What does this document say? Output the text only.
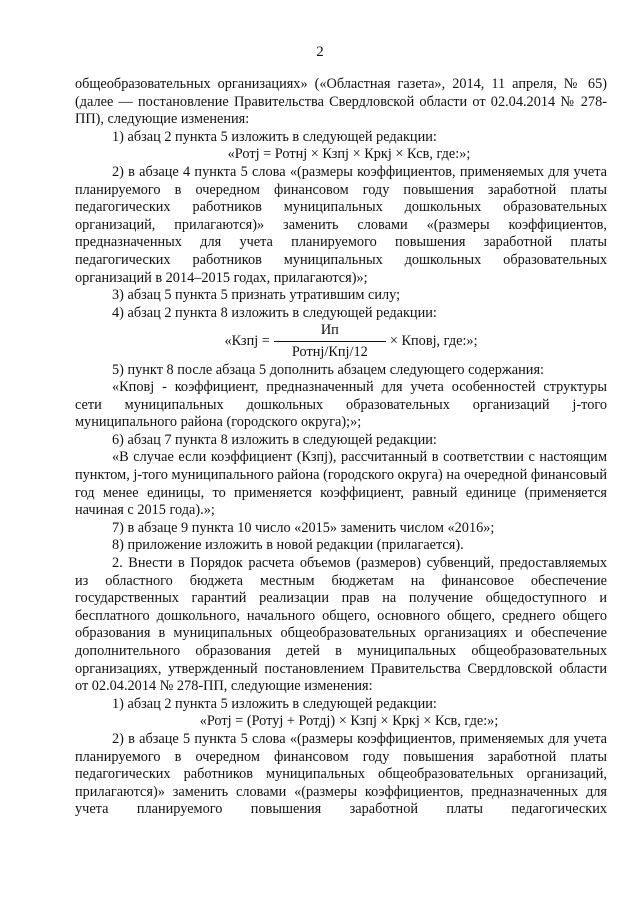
2

общеобразовательных организациях» («Областная газета», 2014, 11 апреля, № 65) (далее — постановление Правительства Свердловской области от 02.04.2014 № 278-ПП), следующие изменения:

1) абзац 2 пункта 5 изложить в следующей редакции:

«Ротj = Ротнj × Кзпj × Кркj × Ксв, где:»;

2) в абзаце 4 пункта 5 слова «(размеры коэффициентов, применяемых для учета планируемого в очередном финансовом году повышения заработной платы педагогических работников муниципальных дошкольных образовательных организаций, прилагаются)» заменить словами «(размеры коэффициентов, предназначенных для учета планируемого повышения заработной платы педагогических работников муниципальных дошкольных образовательных организаций в 2014–2015 годах, прилагаются)»;

3) абзац 5 пункта 5 признать утратившим силу;

4) абзац 2 пункта 8 изложить в следующей редакции:

«Кзпj = $\frac{Ип}{\text{Ротнj/Кпj/12}}$ × Кповj, где:»;

5) пункт 8 после абзаца 5 дополнить абзацем следующего содержания:

«Кповj - коэффициент, предназначенный для учета особенностей структуры сети муниципальных дошкольных образовательных организаций j-того муниципального района (городского округа);»;

6) абзац 7 пункта 8 изложить в следующей редакции:

«В случае если коэффициент (Кзпj), рассчитанный в соответствии с настоящим пунктом, j-того муниципального района (городского округа) на очередной финансовый год менее единицы, то применяется коэффициент, равный единице (применяется начиная с 2015 года).»;

7) в абзаце 9 пункта 10 число «2015» заменить числом «2016»;

8) приложение изложить в новой редакции (прилагается).

2. Внести в Порядок расчета объемов (размеров) субвенций, предоставляемых из областного бюджета местным бюджетам на финансовое обеспечение государственных гарантий реализации прав на получение общедоступного и бесплатного дошкольного, начального общего, основного общего, среднего общего образования в муниципальных общеобразовательных организациях и обеспечение дополнительного образования детей в муниципальных общеобразовательных организациях, утвержденный постановлением Правительства Свердловской области от 02.04.2014 № 278-ПП, следующие изменения:

1) абзац 2 пункта 5 изложить в следующей редакции:

«Ротj = (Ротуj + Ротдj) × Кзпj × Кркj × Ксв, где:»;

2) в абзаце 5 пункта 5 слова «(размеры коэффициентов, применяемых для учета планируемого в очередном финансовом году повышения заработной платы педагогических работников муниципальных общеобразовательных организаций, прилагаются)» заменить словами «(размеры коэффициентов, предназначенных для учета планируемого повышения заработной платы педагогических
